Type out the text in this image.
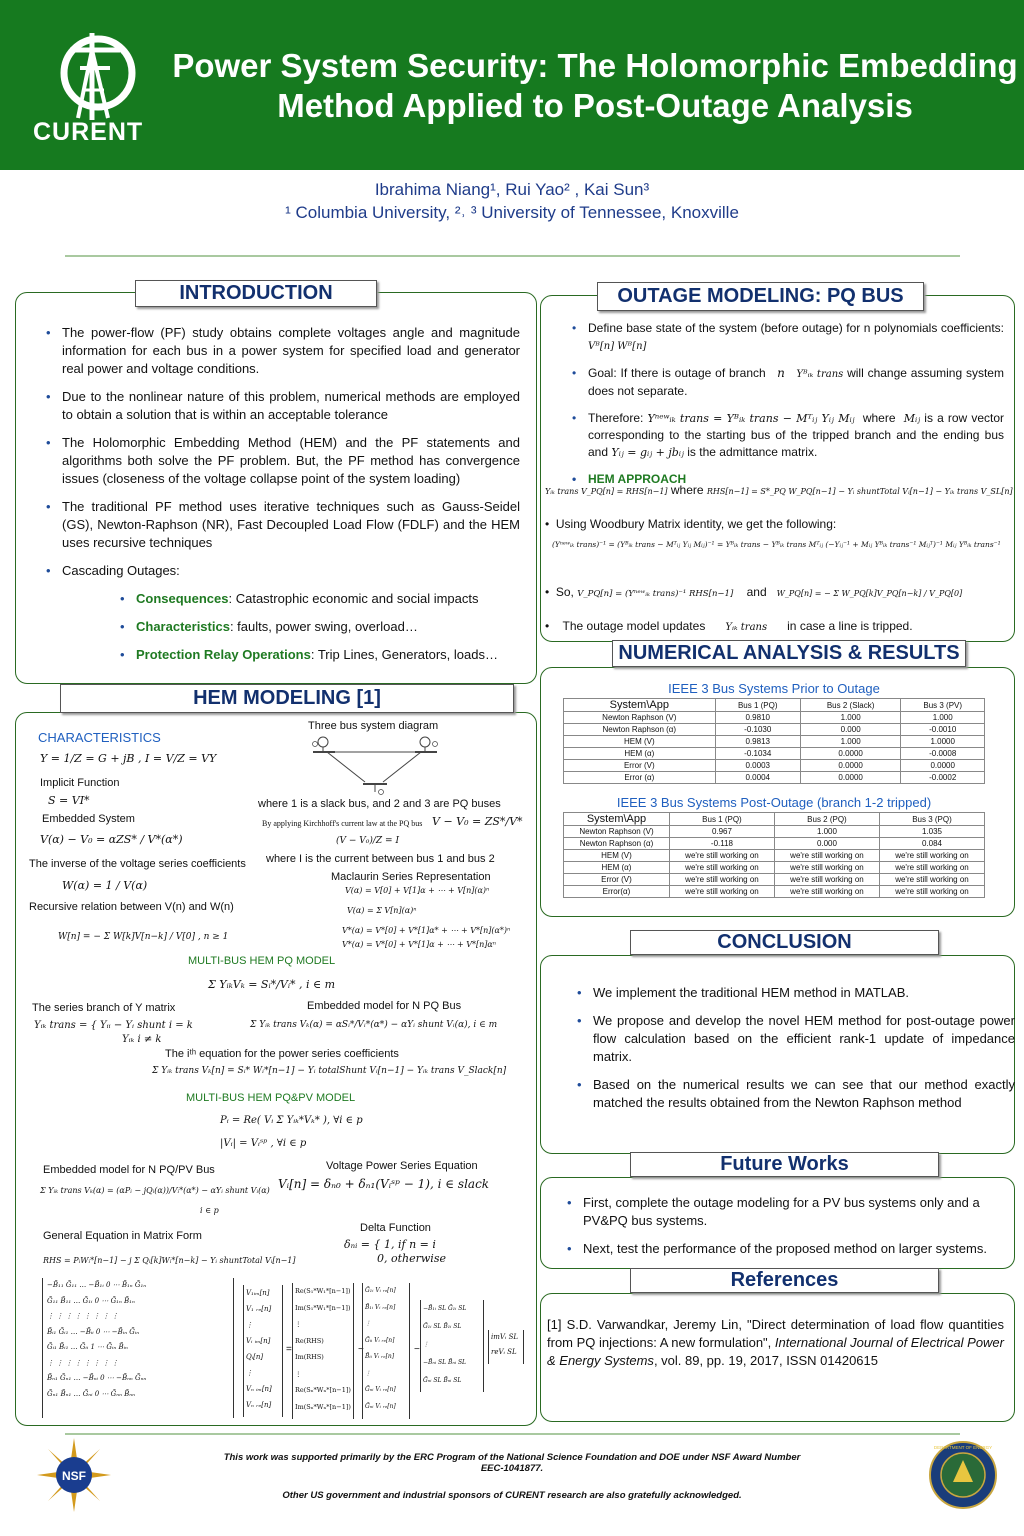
CURENT
Power System Security: The Holomorphic Embedding
Method Applied to Post-Outage Analysis
Ibrahima Niang¹, Rui Yao² , Kai Sun³
¹ Columbia University, ²˒ ³ University of Tennessee, Knoxville
INTRODUCTION
• The power-flow (PF) study obtains complete voltages angle and magnitude information for each bus in a power system for specified load and generator real power and voltage conditions.
• Due to the nonlinear nature of this problem, numerical methods are employed to obtain a solution that is within an acceptable tolerance
• The Holomorphic Embedding Method (HEM) and the PF statements and algorithms both solve the PF problem. But, the PF method has convergence issues (closeness of the voltage collapse point of the system loading)
• The traditional PF method uses iterative techniques such as Gauss-Seidel (GS), Newton-Raphson (NR), Fast Decoupled Load Flow (FDLF) and the HEM uses recursive techniques
• Cascading Outages:
• Consequences: Catastrophic economic and social impacts
• Characteristics: faults, power swing, overload…
• Protection Relay Operations: Trip Lines, Generators, loads…
HEM MODELING [1]
CHARACTERISTICS
Y = 1/Z = G + jB , I = V/Z = VY
Implicit Function
S = VI*
Embedded System
V(α) − V₀ = αZS* / V*(α*)
The inverse of the voltage series coefficients
W(α) = 1 / V(α)
Recursive relation between V(n) and W(n)
W[n] = − Σ W[k]V[n−k] / V[0] , n ≥ 1
Three bus system diagram
where 1 is a slack bus, and 2 and 3 are PQ buses
By applying Kirchhoff's current law at the PQ bus V − V₀ = ZS*/V*
(V − V₀)/Z = I
where I is the current between bus 1 and bus 2
Maclaurin Series Representation
V(α) = V[0] + V[1]α + ⋯ + V[n](α)ⁿ
V(α) = Σ V[n](α)ⁿ
V*(α) = V*[0] + V*[1]α* + ⋯ + V*[n](α*)ⁿ
V*(α) = V*[0] + V*[1]α + ⋯ + V*[n]αⁿ
MULTI-BUS HEM PQ MODEL
Σ YᵢₖVₖ = Sᵢ*/Vᵢ* , i ∈ m
The series branch of Y matrix
Yᵢₖ trans = { Yᵢᵢ − Yᵢ shunt i = k
Yᵢₖ i ≠ k
Embedded model for N PQ Bus
Σ Yᵢₖ trans Vₖ(α) = αSᵢ*/Vᵢ*(α*) − αYᵢ shunt Vᵢ(α), i ∈ m
The iᵗʰ equation for the power series coefficients
Σ Yᵢₖ trans Vₖ[n] = Sᵢ* Wᵢ*[n−1] − Yᵢ totalShunt Vᵢ[n−1] − Yᵢₖ trans V_Slack[n]
MULTI-BUS HEM PQ&PV MODEL
Pᵢ = Re( Vᵢ Σ Yᵢₖ*Vₖ* ), ∀i ∈ p
|Vᵢ| = Vᵢˢᵖ , ∀i ∈ p
Embedded model for N PQ/PV Bus
Σ Yᵢₖ trans Vₖ(α) = (αPᵢ − jQᵢ(α))/Vᵢ*(α*) − αYᵢ shunt Vᵢ(α)
i ∈ p
Voltage Power Series Equation
Vᵢ[n] = δₙ₀ + δₙ₁(Vᵢˢᵖ − 1), i ∈ slack
General Equation in Matrix Form
RHS = PᵢWᵢ*[n−1] − j Σ Qᵢ[k]Wᵢ*[n−k] − Yᵢ shuntTotal Vᵢ[n−1]
Delta Function
δₙᵢ = { 1, if n = i
0, otherwise
−B̃₁₁ G̃₁₁ … −B̃₁ᵢ 0 ⋯ B̃₁ₙ G̃₁ₙ
G̃₁₁ B̃₁₁ … G̃₁ᵢ 0 ⋯ G̃₁ₙ B̃₁ₙ
⋮ ⋮ ⋮ ⋮ ⋮ ⋮ ⋮ ⋮
B̃ᵢ₁ G̃ᵢ₁ … −B̃ᵢᵢ 0 ⋯ −B̃ᵢₙ G̃ᵢₙ
G̃ᵢ₁ B̃ᵢ₁ … G̃ᵢᵢ 1 ⋯ G̃ᵢₙ B̃ᵢₙ
⋮ ⋮ ⋮ ⋮ ⋮ ⋮ ⋮ ⋮
B̃ₙ₁ G̃ₙ₁ … −B̃ₙᵢ 0 ⋯ −B̃ₙₙ G̃ₙₙ
G̃ₙ₁ B̃ₙ₁ … G̃ₙᵢ 0 ⋯ G̃ₙₙ B̃ₙₙ
V₁ᵢₘ[n]
V₁ ᵣₑ[n]
⋮
Vᵢ ᵢₘ[n]
Qᵢ[n]
⋮
Vₙ ᵢₘ[n]
Vₙ ᵣₑ[n]
=
Re(S₁*W₁*[n−1])
Im(S₁*W₁*[n−1])
⋮
Re(RHS)
Im(RHS)
⋮
Re(Sₙ*Wₙ*[n−1])
Im(Sₙ*Wₙ*[n−1])
−
G̃₁ᵢ Vᵢ ᵣₑ[n]
B̃₁ᵢ Vᵢ ᵣₑ[n]
⋮
G̃ᵢᵢ Vᵢ ᵣₑ[n]
B̃ᵢᵢ Vᵢ ᵣₑ[n]
⋮
G̃ₙᵢ Vᵢ ᵣₑ[n]
G̃ₙᵢ Vᵢ ᵣₑ[n]
−
−B̃₁ᵢ SL G̃₁ᵢ SL
G̃₁ᵢ SL B̃₁ᵢ SL
⋮
−B̃ₙᵢ SL B̃ₙᵢ SL
G̃ₙᵢ SL B̃ₙᵢ SL
imVᵢ SL
reVᵢ SL
OUTAGE MODELING: PQ BUS
• Define base state of the system (before outage) for n polynomials coefficients: Vᴮ[n] Wᴮ[n]
• Goal: If there is outage of branch n Yᴮᵢₖ trans will change assuming system does not separate.
• Therefore: Yⁿᵉʷᵢₖ trans = Yᴮᵢₖ trans − Mᵀᵢⱼ Yᵢⱼ Mᵢⱼ where Mᵢⱼ is a row vector corresponding to the starting bus of the tripped branch and the ending bus and Yᵢⱼ = gᵢⱼ + jbᵢⱼ is the admittance matrix.
• HEM APPROACH
Yᵢₖ trans V_PQ[n] = RHS[n−1] where RHS[n−1] = S*_PQ W_PQ[n−1] − Yᵢ shuntTotal Vᵢ[n−1] − Yᵢₖ trans V_SL[n]
•  Using Woodbury Matrix identity, we get the following:
(Yⁿᵉʷᵢₖ trans)⁻¹ = (Yᴮᵢₖ trans − Mᵀᵢⱼ Yᵢⱼ Mᵢⱼ)⁻¹ = Yᴮᵢₖ trans − Yᴮᵢₖ trans Mᵀᵢⱼ (−Yᵢⱼ⁻¹ + Mᵢⱼ Yᴮᵢₖ trans⁻¹ Mᵢⱼᵀ)⁻¹ Mᵢⱼ Yᴮᵢₖ trans⁻¹
•  So, V_PQ[n] = (Yⁿᵉʷᵢₖ trans)⁻¹ RHS[n−1] and W_PQ[n] = − Σ W_PQ[k]V_PQ[n−k] / V_PQ[0]
•    The outage model updates Yᵢₖ trans in case a line is tripped.
NUMERICAL ANALYSIS & RESULTS
IEEE 3 Bus Systems Prior to Outage
System\App	Bus 1 (PQ)	Bus 2 (Slack)	Bus 3 (PV)
Newton Raphson (V)	0.9810	1.000	1.000
Newton Raphson (α)	-0.1030	0.000	-0.0010
HEM (V)	0.9813	1.000	1.0000
HEM (α)	-0.1034	0.0000	-0.0008
Error (V)	0.0003	0.0000	0.0000
Error (α)	0.0004	0.0000	-0.0002
IEEE 3 Bus Systems Post-Outage (branch 1-2 tripped)
System\App	Bus 1 (PQ)	Bus 2 (PQ)	Bus 3 (PQ)
Newton Raphson (V)	0.967	1.000	1.035
Newton Raphson (α)	-0.118	0.000	0.084
HEM (V)	we're still working on	we're still working on	we're still working on
HEM (α)	we're still working on	we're still working on	we're still working on
Error (V)	we're still working on	we're still working on	we're still working on
Error(α)	we're still working on	we're still working on	we're still working on
CONCLUSION
• We implement the traditional HEM method in MATLAB.
• We propose and develop the novel HEM method for post-outage power flow calculation based on the efficient rank-1 update of impedance matrix.
• Based on the numerical results we can see that our method exactly matched the results obtained from the Newton Raphson method
Future Works
• First, complete the outage modeling for a PV bus systems only and a PV&PQ bus systems.
• Next, test the performance of the proposed method on larger systems.
References
[1] S.D. Varwandkar, Jeremy Lin, "Direct determination of load flow quantities from PQ injections: A new formulation", International Journal of Electrical Power & Energy Systems, vol. 89, pp. 19, 2017, ISSN 01420615
NSF
This work was supported primarily by the ERC Program of the National Science Foundation and DOE under NSF Award Number
EEC-1041877.
Other US government and industrial sponsors of CURENT research are also gratefully acknowledged.
DEPARTMENT OF ENERGY
